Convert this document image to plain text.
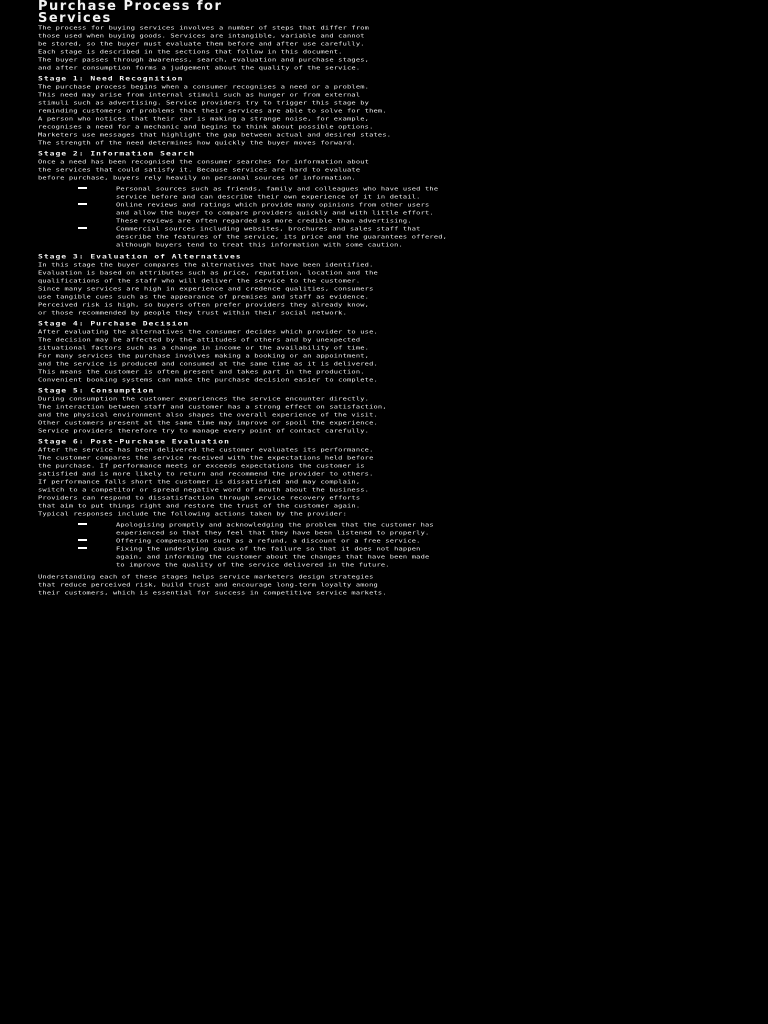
Purchase Process for
Services
The process for buying services involves a number of steps that differ from
those used when buying goods. Services are intangible, variable and cannot
be stored, so the buyer must evaluate them before and after use carefully.
Each stage is described in the sections that follow in this document.
The buyer passes through awareness, search, evaluation and purchase stages,
and after consumption forms a judgement about the quality of the service.
Stage 1: Need Recognition
The purchase process begins when a consumer recognises a need or a problem.
This need may arise from internal stimuli such as hunger or from external
stimuli such as advertising. Service providers try to trigger this stage by
reminding customers of problems that their services are able to solve for them.
A person who notices that their car is making a strange noise, for example,
recognises a need for a mechanic and begins to think about possible options.
Marketers use messages that highlight the gap between actual and desired states.
The strength of the need determines how quickly the buyer moves forward.
Stage 2: Information Search
Once a need has been recognised the consumer searches for information about
the services that could satisfy it. Because services are hard to evaluate
before purchase, buyers rely heavily on personal sources of information.
Personal sources such as friends, family and colleagues who have used the
service before and can describe their own experience of it in detail.
Online reviews and ratings which provide many opinions from other users
and allow the buyer to compare providers quickly and with little effort.
These reviews are often regarded as more credible than advertising.
Commercial sources including websites, brochures and sales staff that
describe the features of the service, its price and the guarantees offered,
although buyers tend to treat this information with some caution.
Stage 3: Evaluation of Alternatives
In this stage the buyer compares the alternatives that have been identified.
Evaluation is based on attributes such as price, reputation, location and the
qualifications of the staff who will deliver the service to the customer.
Since many services are high in experience and credence qualities, consumers
use tangible cues such as the appearance of premises and staff as evidence.
Perceived risk is high, so buyers often prefer providers they already know,
or those recommended by people they trust within their social network.
Stage 4: Purchase Decision
After evaluating the alternatives the consumer decides which provider to use.
The decision may be affected by the attitudes of others and by unexpected
situational factors such as a change in income or the availability of time.
For many services the purchase involves making a booking or an appointment,
and the service is produced and consumed at the same time as it is delivered.
This means the customer is often present and takes part in the production.
Convenient booking systems can make the purchase decision easier to complete.
Stage 5: Consumption
During consumption the customer experiences the service encounter directly.
The interaction between staff and customer has a strong effect on satisfaction,
and the physical environment also shapes the overall experience of the visit.
Other customers present at the same time may improve or spoil the experience.
Service providers therefore try to manage every point of contact carefully.
Stage 6: Post-Purchase Evaluation
After the service has been delivered the customer evaluates its performance.
The customer compares the service received with the expectations held before
the purchase. If performance meets or exceeds expectations the customer is
satisfied and is more likely to return and recommend the provider to others.
If performance falls short the customer is dissatisfied and may complain,
switch to a competitor or spread negative word of mouth about the business.
Providers can respond to dissatisfaction through service recovery efforts
that aim to put things right and restore the trust of the customer again.
Typical responses include the following actions taken by the provider:
Apologising promptly and acknowledging the problem that the customer has
experienced so that they feel that they have been listened to properly.
Offering compensation such as a refund, a discount or a free service.
Fixing the underlying cause of the failure so that it does not happen
again, and informing the customer about the changes that have been made
to improve the quality of the service delivered in the future.
Understanding each of these stages helps service marketers design strategies
that reduce perceived risk, build trust and encourage long-term loyalty among
their customers, which is essential for success in competitive service markets.
